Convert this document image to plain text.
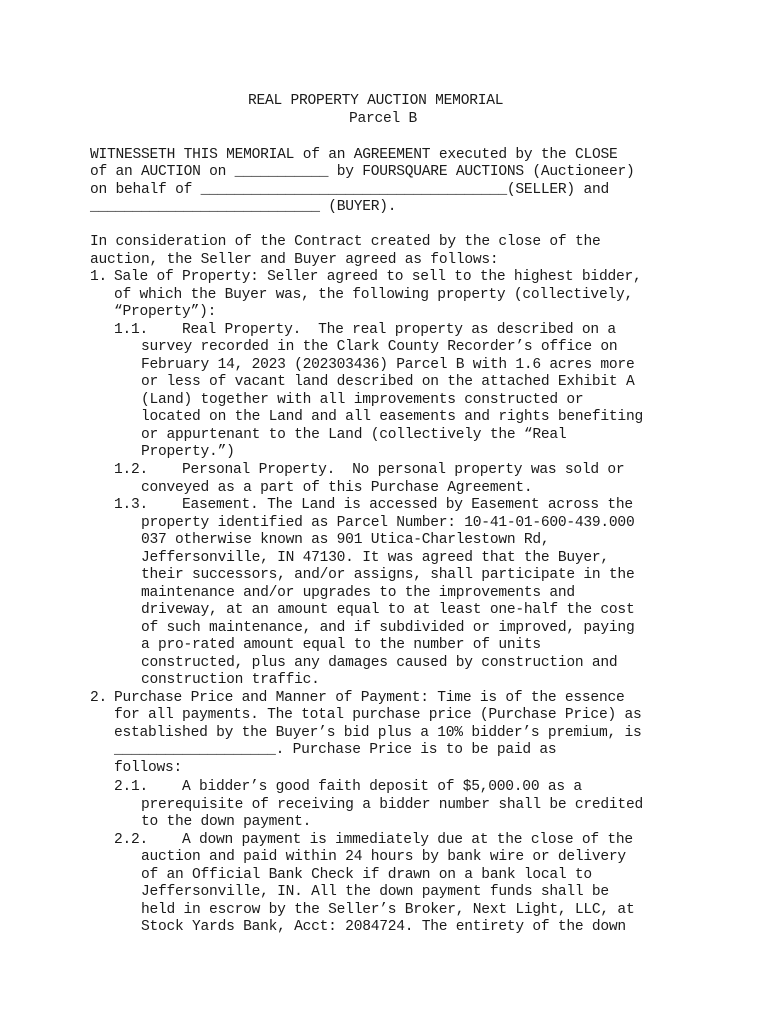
REAL PROPERTY AUCTION MEMORIAL
Parcel B
WITNESSETH THIS MEMORIAL of an AGREEMENT executed by the CLOSE
of an AUCTION on ___________ by FOURSQUARE AUCTIONS (Auctioneer)
on behalf of ____________________________________(SELLER) and
___________________________ (BUYER).
In consideration of the Contract created by the close of the
auction, the Seller and Buyer agreed as follows:
1. Sale of Property: Seller agreed to sell to the highest bidder,
of which the Buyer was, the following property (collectively,
“Property”):
1.1. Real Property.  The real property as described on a
survey recorded in the Clark County Recorder’s office on
February 14, 2023 (202303436) Parcel B with 1.6 acres more
or less of vacant land described on the attached Exhibit A
(Land) together with all improvements constructed or
located on the Land and all easements and rights benefiting
or appurtenant to the Land (collectively the “Real
Property.”)
1.2. Personal Property.  No personal property was sold or
conveyed as a part of this Purchase Agreement.
1.3. Easement. The Land is accessed by Easement across the
property identified as Parcel Number: 10-41-01-600-439.000
037 otherwise known as 901 Utica-Charlestown Rd,
Jeffersonville, IN 47130. It was agreed that the Buyer,
their successors, and/or assigns, shall participate in the
maintenance and/or upgrades to the improvements and
driveway, at an amount equal to at least one-half the cost
of such maintenance, and if subdivided or improved, paying
a pro-rated amount equal to the number of units
constructed, plus any damages caused by construction and
construction traffic.
2. Purchase Price and Manner of Payment: Time is of the essence
for all payments. The total purchase price (Purchase Price) as
established by the Buyer’s bid plus a 10% bidder’s premium, is
___________________. Purchase Price is to be paid as
follows:
2.1. A bidder’s good faith deposit of $5,000.00 as a
prerequisite of receiving a bidder number shall be credited
to the down payment.
2.2. A down payment is immediately due at the close of the
auction and paid within 24 hours by bank wire or delivery
of an Official Bank Check if drawn on a bank local to
Jeffersonville, IN. All the down payment funds shall be
held in escrow by the Seller’s Broker, Next Light, LLC, at
Stock Yards Bank, Acct: 2084724. The entirety of the down
